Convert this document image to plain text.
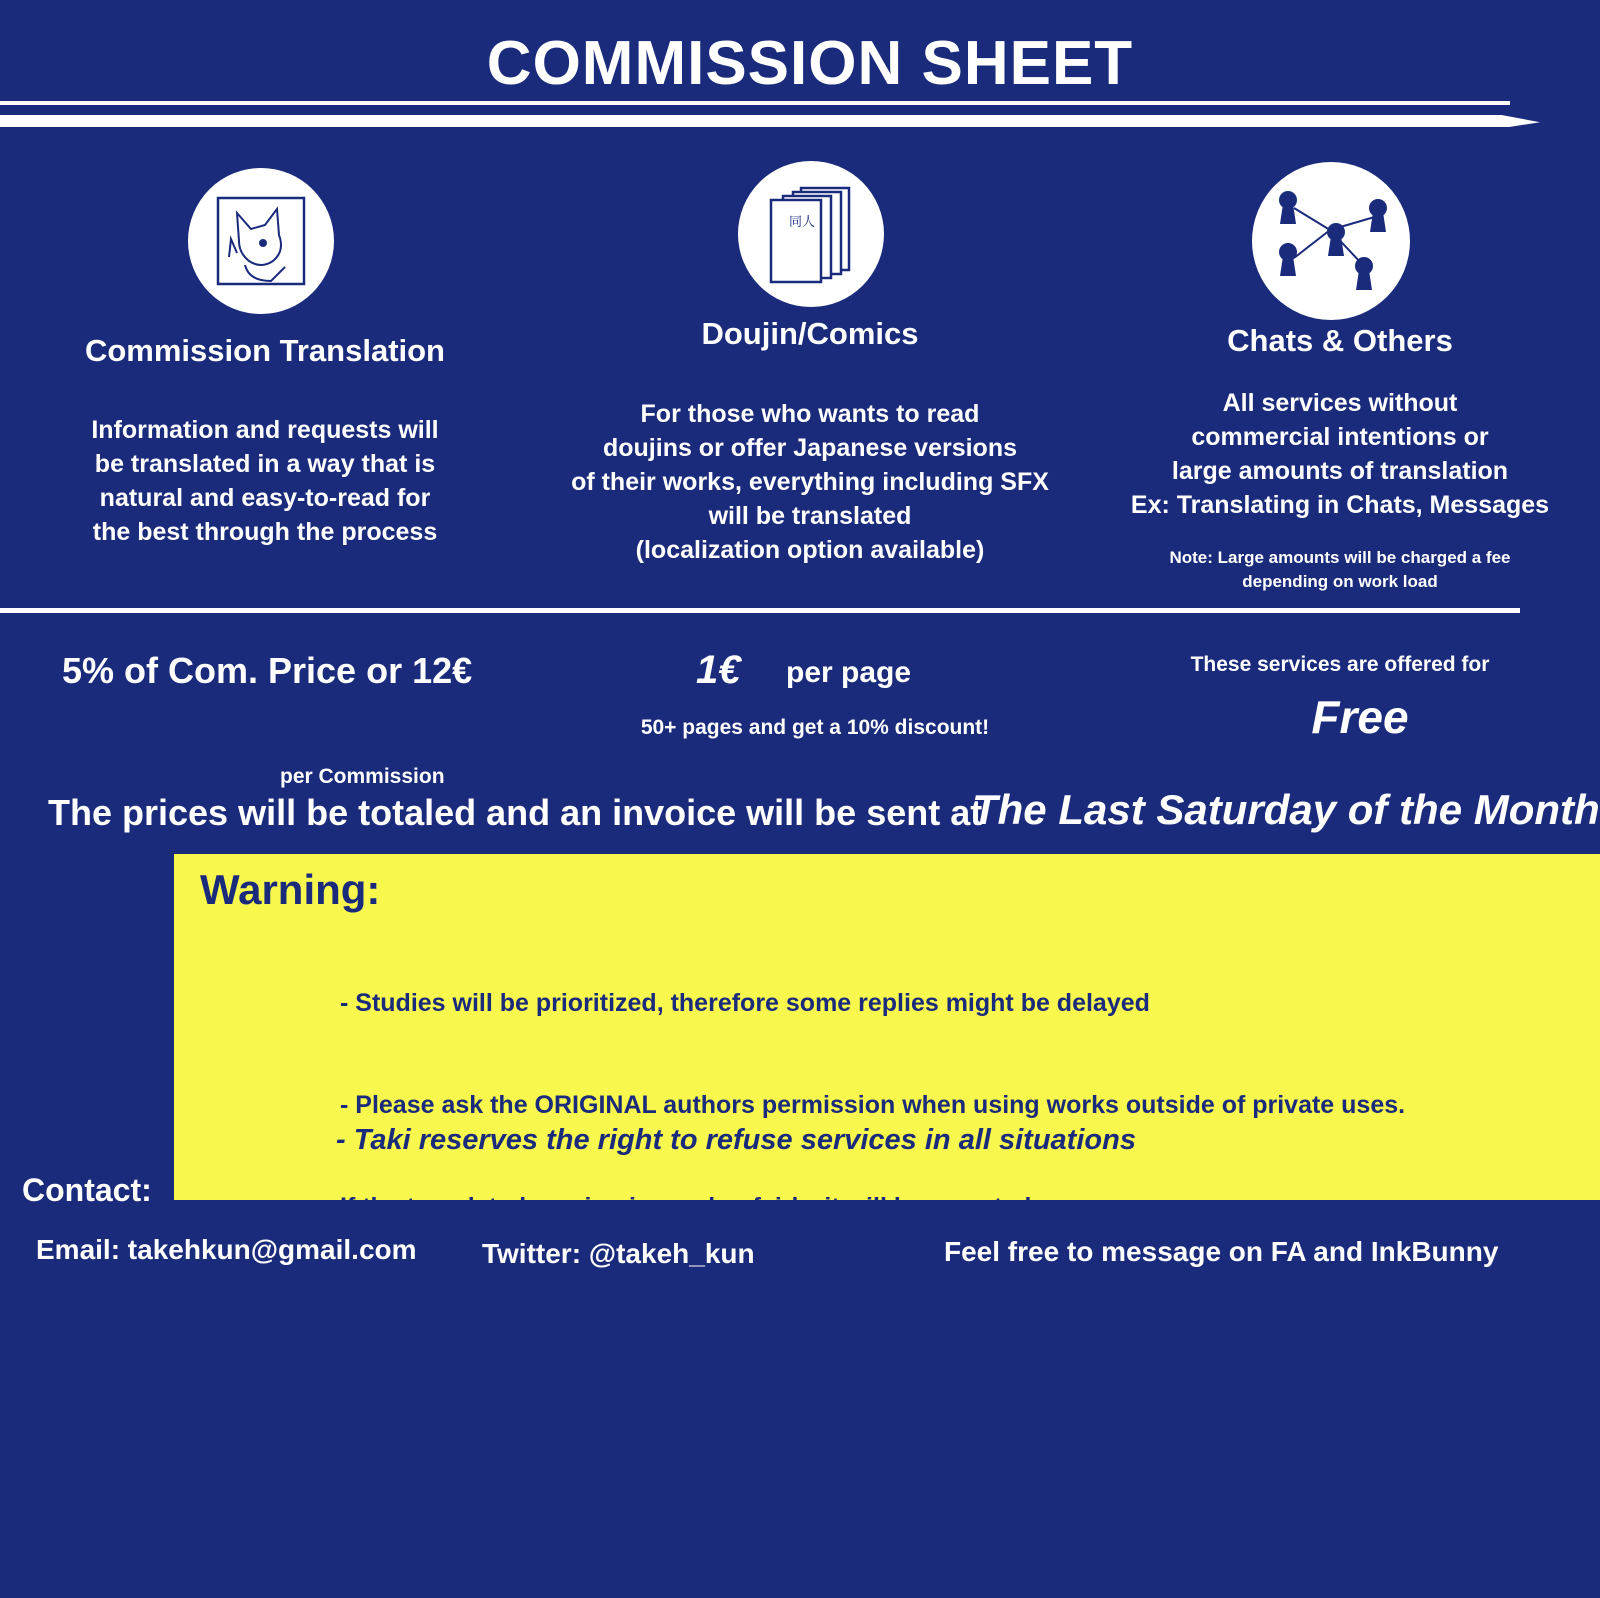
COMMISSION SHEET
Commission Translation
Information and requests will
be translated in a way that is
natural and easy-to-read for
the best through the process
同人
Doujin/Comics
For those who wants to read
doujins or offer Japanese versions
of their works, everything including SFX
will be translated
(localization option available)
Chats & Others
All services without
commercial intentions or
large amounts of translation
Ex: Translating in Chats, Messages
Note: Large amounts will be charged a fee
depending on work load
5% of Com. Price or 12€

per Commission

1€ per page
50+ pages and get a 10% discount!
These services are offered for
Free
The prices will be totaled and an invoice will be sent at
The Last Saturday of the Month
Warning:

- Studies will be prioritized, therefore some replies might be delayed

- Please ask the ORIGINAL authors permission when using works outside of private uses.

If the translated version is used unfairly, it will be reported.

- I only have a High School Diploma (USA) and C1 Zertifikat for German.

If professional translations are required, please ask a professional.

- Please complete payments through Paypal.

- Taki reserves the right to refuse services in all situations
Contact:
Email: takehkun@gmail.com Twitter: @takeh_kun	Feel free to message on FA and InkBunny
